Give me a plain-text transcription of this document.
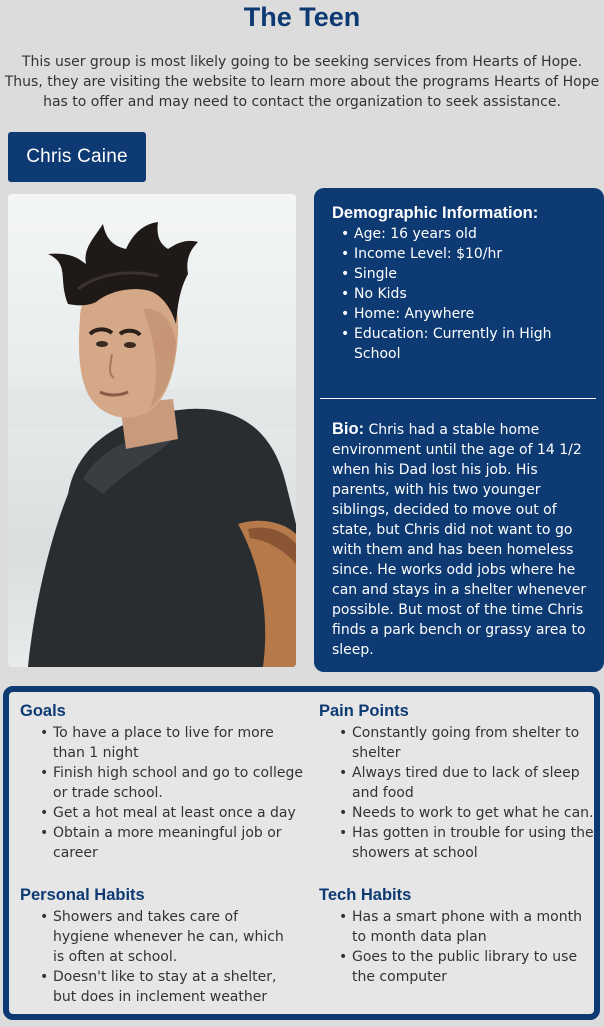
The Teen
This user group is most likely going to be seeking services from Hearts of Hope. Thus, they are visiting the website to learn more about the programs Hearts of Hope has to offer and may need to contact the organization to seek assistance.
Chris Caine
Demographic Information:
• Age: 16 years old
• Income Level: $10/hr
• Single
• No Kids
• Home: Anywhere
• Education: Currently in High School
Bio: Chris had a stable home environment until the age of 14 1/2 when his Dad lost his job. His parents, with his two younger siblings, decided to move out of state, but Chris did not want to go with them and has been homeless since. He works odd jobs where he can and stays in a shelter whenever possible. But most of the time Chris finds a park bench or grassy area to sleep.
Goals
• To have a place to live for more than 1 night
• Finish high school and go to college or trade school.
• Get a hot meal at least once a day
• Obtain a more meaningful job or career
Pain Points
• Constantly going from shelter to shelter
• Always tired due to lack of sleep and food
• Needs to work to get what he can.
• Has gotten in trouble for using the showers at school
Personal Habits
• Showers and takes care of hygiene whenever he can, which is often at school.
• Doesn't like to stay at a shelter, but does in inclement weather
Tech Habits
• Has a smart phone with a month to month data plan
• Goes to the public library to use the computer
